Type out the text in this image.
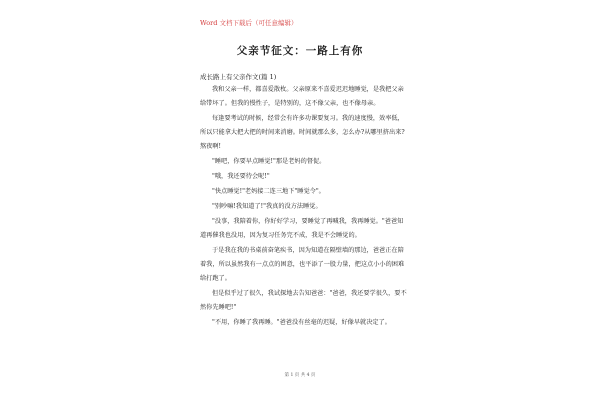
Word 文档下载后（可任意编辑）
父亲节征文：一路上有你
成长路上有父亲作文(篇 1)

我和父亲一样，都喜爱散枚。父亲原来不喜爱迟迟地睡觉，是我把父亲给带坏了。但我的慢性子，是特别的，这不像父亲，也不像母亲。

每逢要考试的时候，经常会有许多功课要复习。我的速度慢，效率低，所以只能拿大把大把的时间来消磨。时间就那么多，怎么办?从哪里挤出来?熬夜啊!

"睡吧，你要早点睡觉!"那是老妈的督促。

"哦，我还要待会呢!"

"快点睡觉!"老妈接二连三地下"睡觉令"。

"别吵嘛!我知道了!"我真的没方法睡觉。

"没事，我陪着你，你好好学习，要睡觉了再喊我，我再睡觉。"爸爸知道再催我也没用，因为复习任务完不成，我是不会睡觉的。

于是我在我的书桌前奋笔疾书，因为知道在隔壁墙的那边，爸爸正在陪着我，所以虽然我有一点点的困意，也平添了一股力量，把这点小小的困难给打跑了。

但是似乎过了很久，我试探地去告知爸爸："爸爸，我还要学很久，要不然你先睡吧!"

"不用，你睡了我再睡。"爸爸没有丝毫的迟疑，好像早就决定了。

第 1 页 共 4 页
